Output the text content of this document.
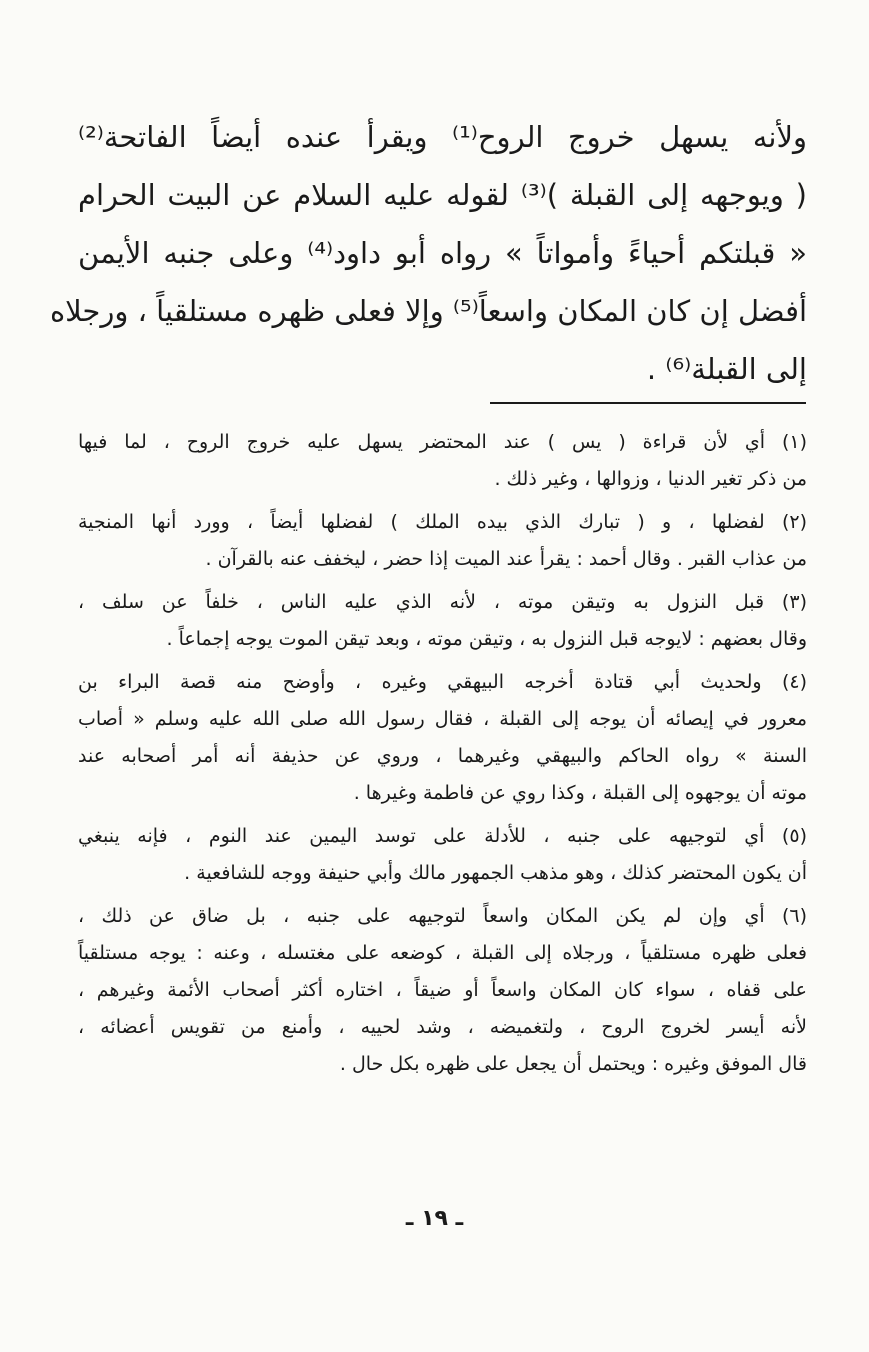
ولأنه يسهل خروج الروح⁽¹⁾ ويقرأ عنده أيضاً الفاتحة⁽²⁾
( ويوجهه إلى القبلة )⁽³⁾ لقوله عليه السلام عن البيت الحرام
« قبلتكم أحياءً وأمواتاً » رواه أبو داود⁽⁴⁾ وعلى جنبه الأيمن
أفضل إن كان المكان واسعاً⁽⁵⁾ وإلا فعلى ظهره مستلقياً ، ورجلاه
إلى القبلة⁽⁶⁾ .
(١) أي لأن قراءة ( يس ) عند المحتضر يسهل عليه خروج الروح ، لما فيها
من ذكر تغير الدنيا ، وزوالها ، وغير ذلك .
(٢) لفضلها ، و ( تبارك الذي بيده الملك ) لفضلها أيضاً ، وورد أنها المنجية
من عذاب القبر . وقال أحمد : يقرأ عند الميت إذا حضر ، ليخفف عنه بالقرآن .
(٣) قبل النزول به وتيقن موته ، لأنه الذي عليه الناس ، خلفاً عن سلف ،
وقال بعضهم : لايوجه قبل النزول به ، وتيقن موته ، وبعد تيقن الموت يوجه إجماعاً .
(٤) ولحديث أبي قتادة أخرجه البيهقي وغيره ، وأوضح منه قصة البراء بن
معرور في إيصائه أن يوجه إلى القبلة ، فقال رسول الله صلى الله عليه وسلم « أصاب
السنة » رواه الحاكم والبيهقي وغيرهما ، وروي عن حذيفة أنه أمر أصحابه عند
موته أن يوجهوه إلى القبلة ، وكذا روي عن فاطمة وغيرها .
(٥) أي لتوجيهه على جنبه ، للأدلة على توسد اليمين عند النوم ، فإنه ينبغي
أن يكون المحتضر كذلك ، وهو مذهب الجمهور مالك وأبي حنيفة ووجه للشافعية .
(٦) أي وإن لم يكن المكان واسعاً لتوجيهه على جنبه ، بل ضاق عن ذلك ،
فعلى ظهره مستلقياً ، ورجلاه إلى القبلة ، كوضعه على مغتسله ، وعنه : يوجه مستلقياً
على قفاه ، سواء كان المكان واسعاً أو ضيقاً ، اختاره أكثر أصحاب الأئمة وغيرهم ،
لأنه أيسر لخروج الروح ، ولتغميضه ، وشد لحييه ، وأمنع من تقويس أعضائه ،
قال الموفق وغيره : ويحتمل أن يجعل على ظهره بكل حال .
ـ ١٩ ـ
